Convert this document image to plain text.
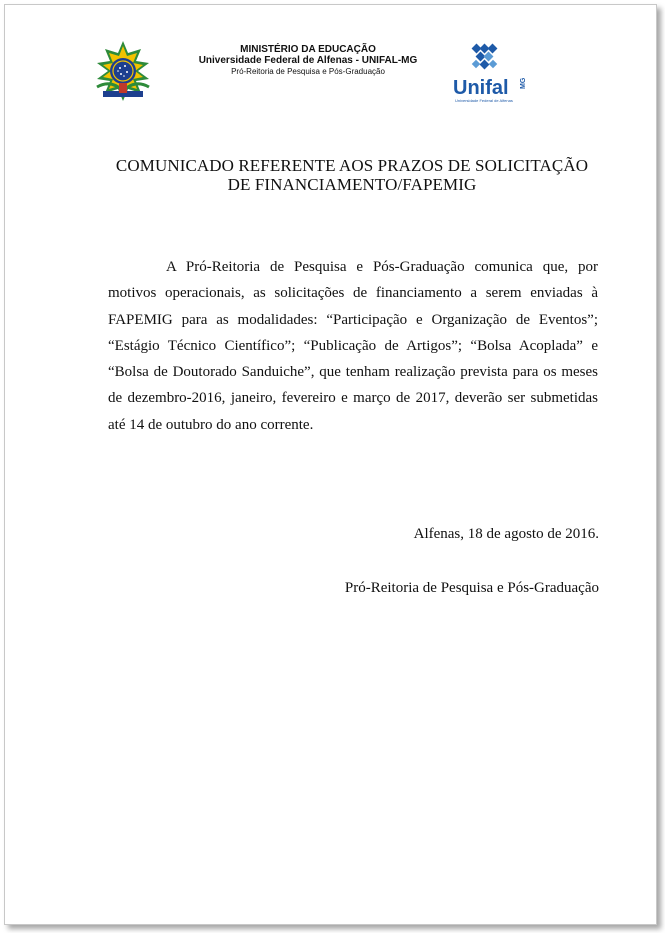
MINISTÉRIO DA EDUCAÇÃO
Universidade Federal de Alfenas - UNIFAL-MG
Pró-Reitoria de Pesquisa e Pós-Graduação
Unifal MG
Universidade Federal de Alfenas
COMUNICADO REFERENTE AOS PRAZOS DE SOLICITAÇÃO
DE FINANCIAMENTO/FAPEMIG

A Pró-Reitoria de Pesquisa e Pós-Graduação comunica que, por motivos operacionais, as solicitações de financiamento a serem enviadas à FAPEMIG para as modalidades: “Participação e Organização de Eventos”; “Estágio Técnico Científico”; “Publicação de Artigos”; “Bolsa Acoplada” e “Bolsa de Doutorado Sanduiche”, que tenham realização prevista para os meses de dezembro-2016, janeiro, fevereiro e março de 2017, deverão ser submetidas até 14 de outubro do ano corrente.

Alfenas, 18 de agosto de 2016.
Pró-Reitoria de Pesquisa e Pós-Graduação
